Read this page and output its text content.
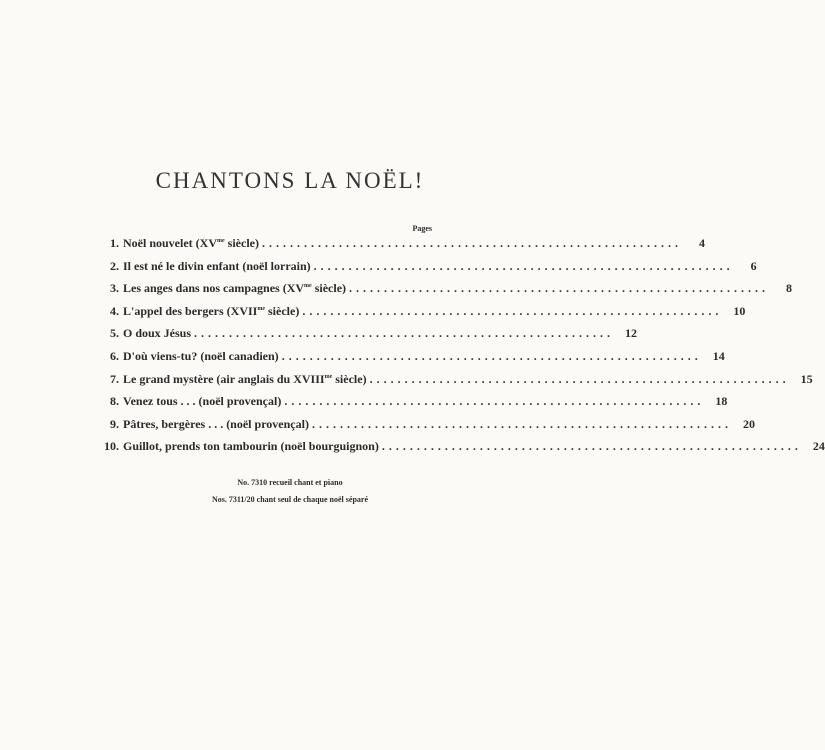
CHANTONS LA NOËL!
Pages
1. Noël nouvelet ($XV^{me}$ siècle) ............................................................	4
2. Il est né le divin enfant (noël lorrain) ............................................................	6
3. Les anges dans nos campagnes ($XV^{me}$ siècle) ............................................................	8
4. L'appel des bergers ($XVII^{me}$ siècle) ............................................................ 10
5. O doux Jésus ............................................................ 12
6. D'où viens-tu? (noël canadien) ............................................................ 14
7. Le grand mystère (air anglais du $XVIII^{me}$ siècle) ............................................................ 15
8. Venez tous . . . (noël provençal) ............................................................ 18
9. Pâtres, bergères . . . (noël provençal) ............................................................ 20
10. Guillot, prends ton tambourin (noël bourguignon) ............................................................ 24
No. 7310 recueil chant et piano
Nos. 7311/20 chant seul de chaque noël séparé
